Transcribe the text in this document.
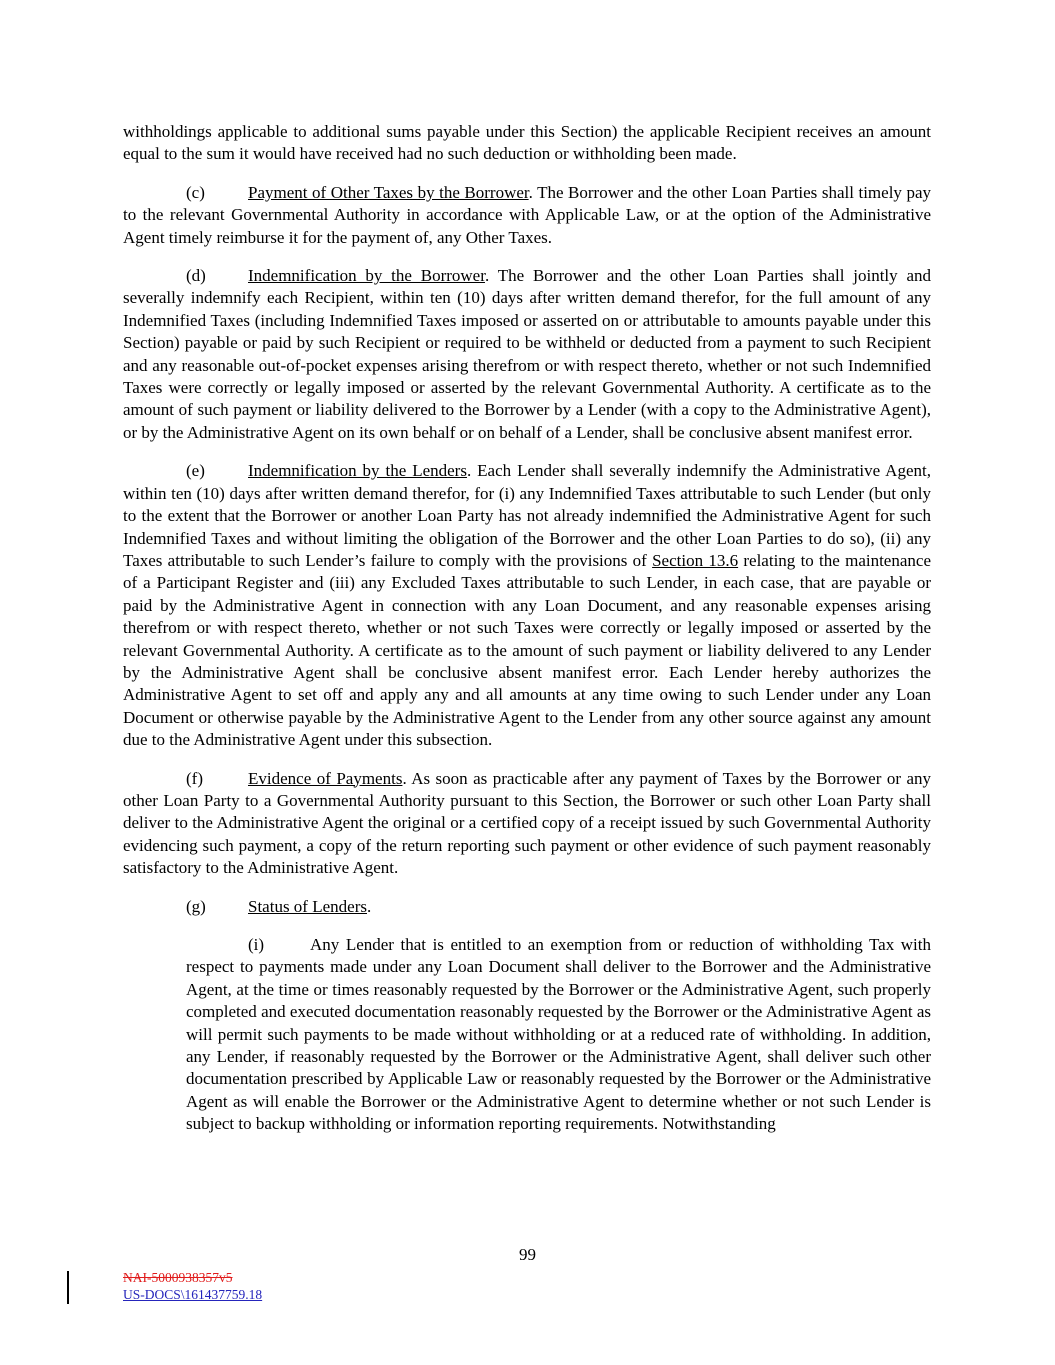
withholdings applicable to additional sums payable under this Section) the applicable Recipient receives an amount equal to the sum it would have received had no such deduction or withholding been made.

(c)	Payment of Other Taxes by the Borrower. The Borrower and the other Loan Parties shall timely pay to the relevant Governmental Authority in accordance with Applicable Law, or at the option of the Administrative Agent timely reimburse it for the payment of, any Other Taxes.

(d) Indemnification by the Borrower. The Borrower and the other Loan Parties shall jointly and severally indemnify each Recipient, within ten (10) days after written demand therefor, for the full amount of any Indemnified Taxes (including Indemnified Taxes imposed or asserted on or attributable to amounts payable under this Section) payable or paid by such Recipient or required to be withheld or deducted from a payment to such Recipient and any reasonable out-of-pocket expenses arising therefrom or with respect thereto, whether or not such Indemnified Taxes were correctly or legally imposed or asserted by the relevant Governmental Authority. A certificate as to the amount of such payment or liability delivered to the Borrower by a Lender (with a copy to the Administrative Agent), or by the Administrative Agent on its own behalf or on behalf of a Lender, shall be conclusive absent manifest error.

(e)	Indemnification by the Lenders. Each Lender shall severally indemnify the Administrative Agent, within ten (10) days after written demand therefor, for (i) any Indemnified Taxes attributable to such Lender (but only to the extent that the Borrower or another Loan Party has not already indemnified the Administrative Agent for such Indemnified Taxes and without limiting the obligation of the Borrower and the other Loan Parties to do so), (ii) any Taxes attributable to such Lender’s failure to comply with the provisions of Section 13.6 relating to the maintenance of a Participant Register and (iii) any Excluded Taxes attributable to such Lender, in each case, that are payable or paid by the Administrative Agent in connection with any Loan Document, and any reasonable expenses arising therefrom or with respect thereto, whether or not such Taxes were correctly or legally imposed or asserted by the relevant Governmental Authority. A certificate as to the amount of such payment or liability delivered to any Lender by the Administrative Agent shall be conclusive absent manifest error. Each Lender hereby authorizes the Administrative Agent to set off and apply any and all amounts at any time owing to such Lender under any Loan Document or otherwise payable by the Administrative Agent to the Lender from any other source against any amount due to the Administrative Agent under this subsection.

(f)	Evidence of Payments. As soon as practicable after any payment of Taxes by the Borrower or any other Loan Party to a Governmental Authority pursuant to this Section, the Borrower or such other Loan Party shall deliver to the Administrative Agent the original or a certified copy of a receipt issued by such Governmental Authority evidencing such payment, a copy of the return reporting such payment or other evidence of such payment reasonably satisfactory to the Administrative Agent.

(g) Status of Lenders.

(i)	Any Lender that is entitled to an exemption from or reduction of withholding Tax with respect to payments made under any Loan Document shall deliver to the Borrower and the Administrative Agent, at the time or times reasonably requested by the Borrower or the Administrative Agent, such properly completed and executed documentation reasonably requested by the Borrower or the Administrative Agent as will permit such payments to be made without withholding or at a reduced rate of withholding. In addition, any Lender, if reasonably requested by the Borrower or the Administrative Agent, shall deliver such other documentation prescribed by Applicable Law or reasonably requested by the Borrower or the Administrative Agent as will enable the Borrower or the Administrative Agent to determine whether or not such Lender is subject to backup withholding or information reporting requirements. Notwithstanding

99
NAI-5000938357v5
US-DOCS\161437759.18
